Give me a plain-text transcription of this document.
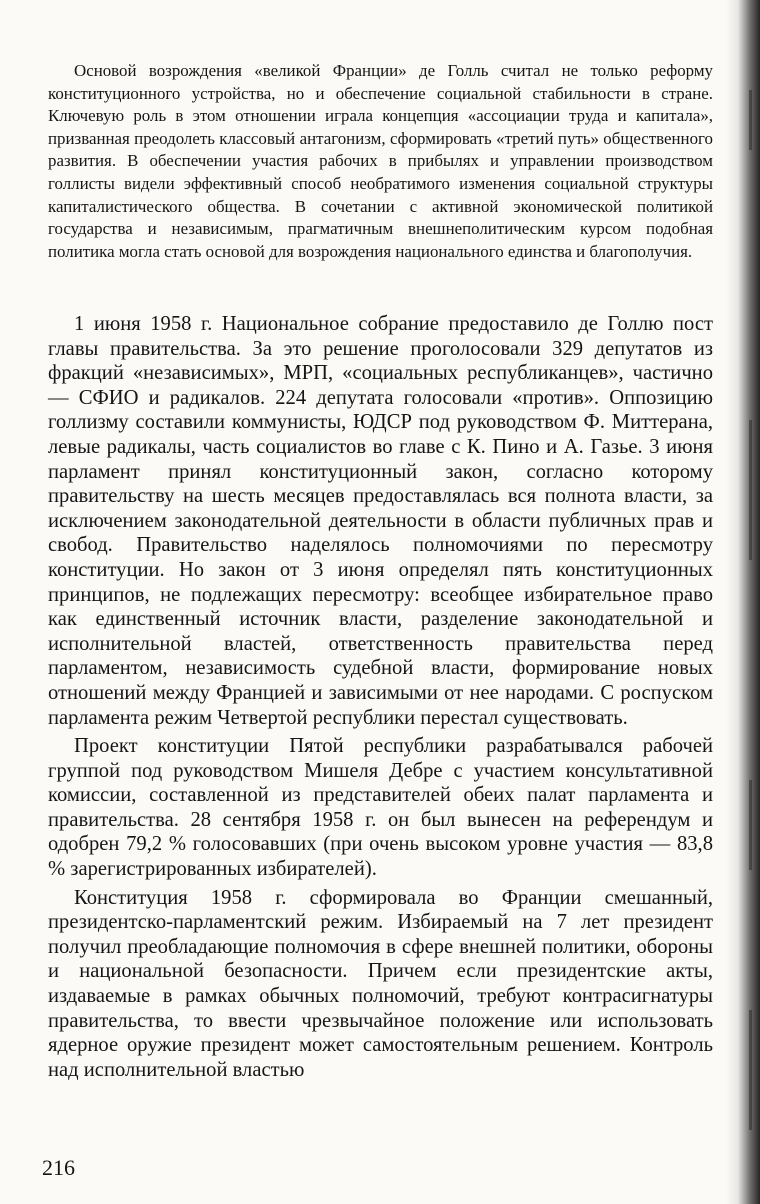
Основой возрождения «великой Франции» де Голль считал не только реформу конституционного устройства, но и обеспечение социальной стабильности в стране. Ключевую роль в этом отношении играла концепция «ассоциации труда и капитала», призванная преодолеть классовый антагонизм, сформировать «третий путь» общественного развития. В обеспечении участия рабочих в прибылях и управлении производством голлисты видели эффективный способ необратимого изменения социальной структуры капиталистического общества. В сочетании с активной экономической политикой государства и независимым, прагматичным внешнеполитическим курсом подобная политика могла стать основой для возрождения национального единства и благополучия.

1 июня 1958 г. Национальное собрание предоставило де Голлю пост главы правительства. За это решение проголосовали 329 депутатов из фракций «независимых», МРП, «социальных республиканцев», частично — СФИО и радикалов. 224 депутата голосовали «против». Оппозицию голлизму составили коммунисты, ЮДСР под руководством Ф. Миттерана, левые радикалы, часть социалистов во главе с К. Пино и А. Газье. 3 июня парламент принял конституционный закон, согласно которому правительству на шесть месяцев предоставлялась вся полнота власти, за исключением законодательной деятельности в области публичных прав и свобод. Правительство наделялось полномочиями по пересмотру конституции. Но закон от 3 июня определял пять конституционных принципов, не подлежащих пересмотру: всеобщее избирательное право как единственный источник власти, разделение законодательной и исполнительной властей, ответственность правительства перед парламентом, независимость судебной власти, формирование новых отношений между Францией и зависимыми от нее народами. С роспуском парламента режим Четвертой республики перестал существовать.

Проект конституции Пятой республики разрабатывался рабочей группой под руководством Мишеля Дебре с участием консультативной комиссии, составленной из представителей обеих палат парламента и правительства. 28 сентября 1958 г. он был вынесен на референдум и одобрен 79,2 % голосовавших (при очень высоком уровне участия — 83,8 % зарегистрированных избирателей).

Конституция 1958 г. сформировала во Франции смешанный, президентско-парламентский режим. Избираемый на 7 лет президент получил преобладающие полномочия в сфере внешней политики, обороны и национальной безопасности. Причем если президентские акты, издаваемые в рамках обычных полномочий, требуют контрасигнатуры правительства, то ввести чрезвычайное положение или использовать ядерное оружие президент может самостоятельным решением. Контроль над исполнительной властью

216
